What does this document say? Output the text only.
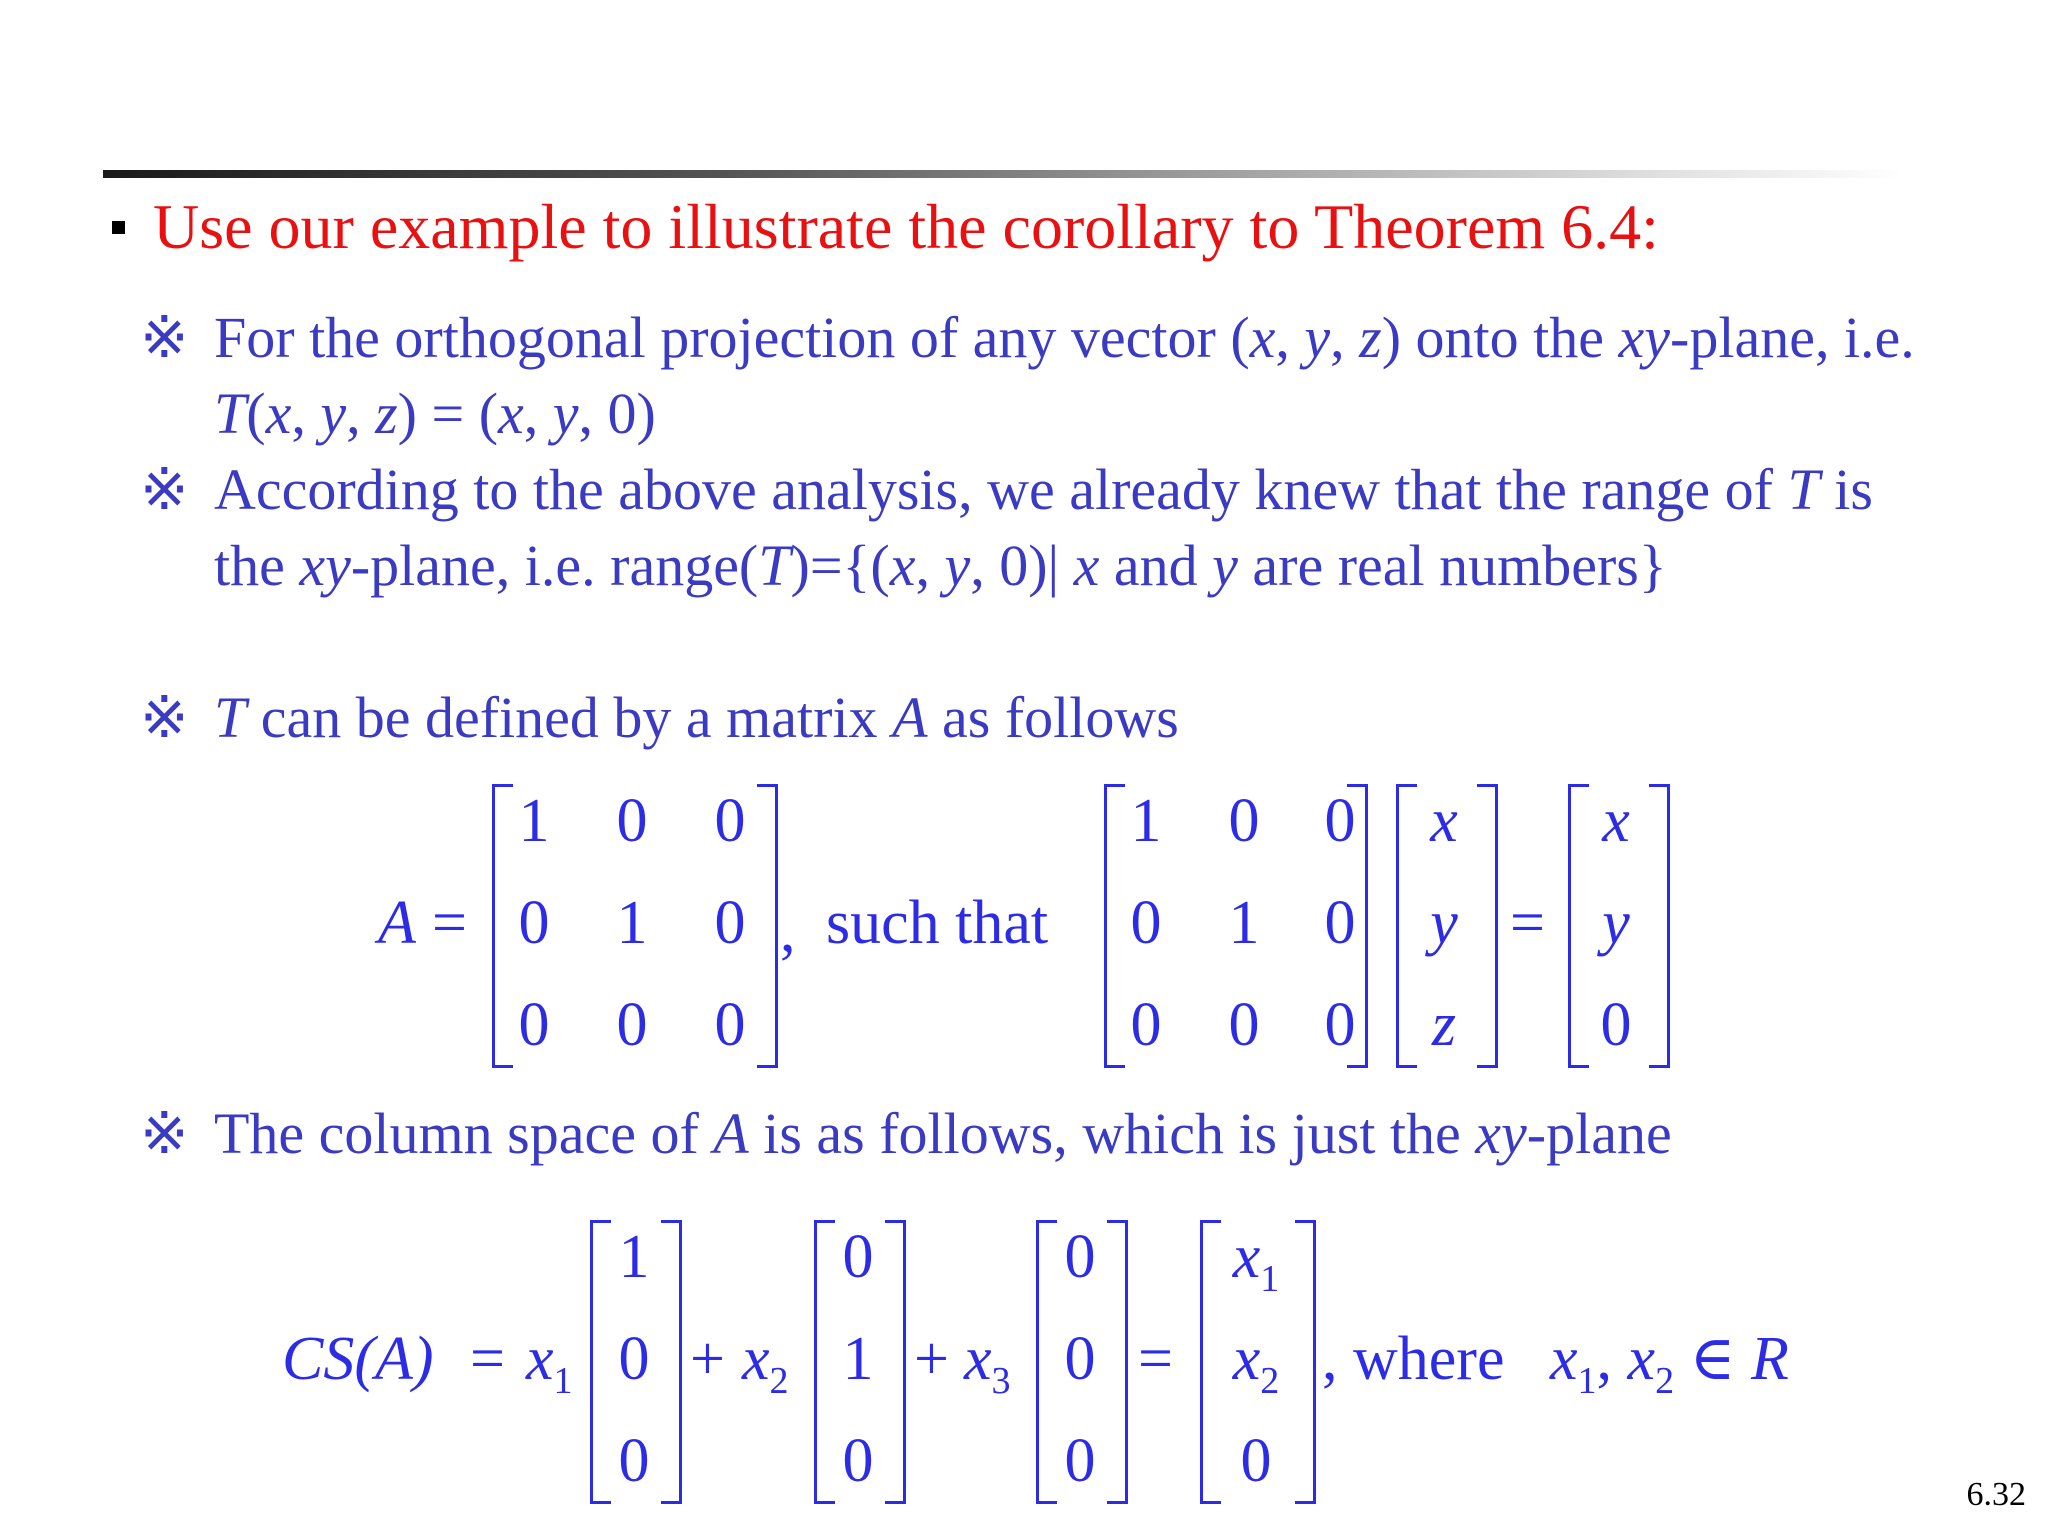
Use our example to illustrate the corollary to Theorem 6.4:
※ For the orthogonal projection of any vector (x, y, z) onto the xy-plane, i.e. T(x, y, z) = (x, y, 0)
※ According to the above analysis, we already knew that the range of T is the xy-plane, i.e. range(T)={(x, y, 0)| x and y are real numbers}
※ T can be defined by a matrix A as follows
A =
1	0	0
0	1	0
0	0	0
, such that
1	0	0
0	1	0
0	0	0
x
y
z
=
x
y
0
※ The column space of A is as follows, which is just the xy-plane
$CS(A) = x_1$
1
0
0
+ $x_2$
0
1
0
+ $x_3$
0
0
0
=
$x_1$
$x_2$
0
, where $x_1$, $x_2$ ∈ R
6.32
